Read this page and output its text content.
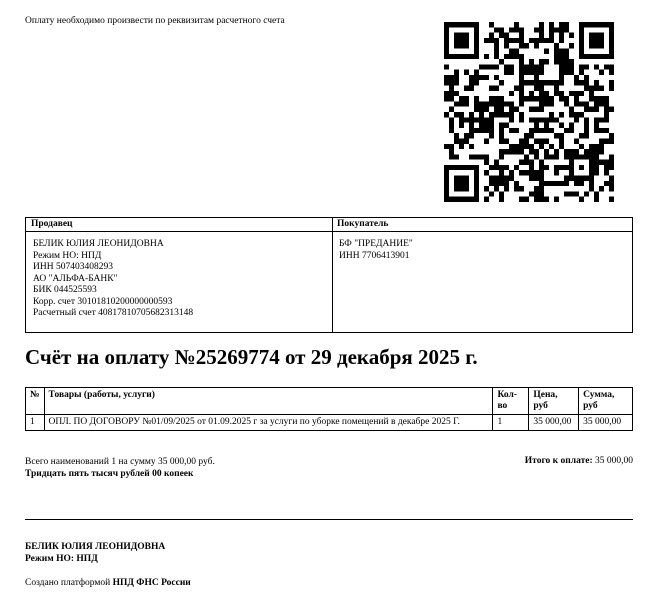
Оплату необходимо произвести по реквизитам расчетного счета
Продавец
БЕЛИК ЮЛИЯ ЛЕОНИДОВНА
Режим НО: НПД
ИНН 507403408293
АО "АЛЬФА-БАНК"
БИК 044525593
Корр. счет 30101810200000000593
Расчетный счет 40817810705682313148
Покупатель
БФ "ПРЕДАНИЕ"
ИНН 7706413901
Счёт на оплату №25269774 от 29 декабря 2025 г.
№	Товары (работы, услуги)	Кол-во	Цена, руб	Сумма, руб
1	ОПЛ. ПО ДОГОВОРУ №01/09/2025 от 01.09.2025 г за услуги по уборке помещений в декабре 2025 Г.	1	35 000,00	35 000,00
Всего наименований 1 на сумму 35 000,00 руб.
Тридцать пять тысяч рублей 00 копеек
Итого к оплате: 35 000,00
БЕЛИК ЮЛИЯ ЛЕОНИДОВНА
Режим НО: НПД
Создано платформой НПД ФНС России
